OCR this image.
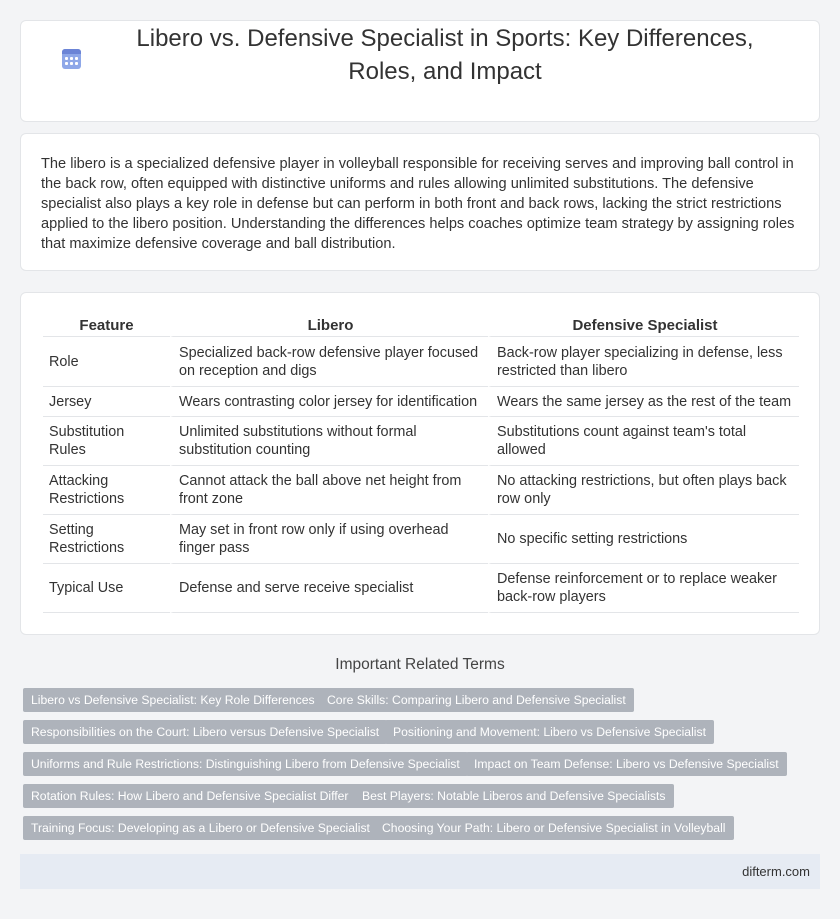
Libero vs. Defensive Specialist in Sports: Key Differences, Roles, and Impact

The libero is a specialized defensive player in volleyball responsible for receiving serves and improving ball control in the back row, often equipped with distinctive uniforms and rules allowing unlimited substitutions. The defensive specialist also plays a key role in defense but can perform in both front and back rows, lacking the strict restrictions applied to the libero position. Understanding the differences helps coaches optimize team strategy by assigning roles that maximize defensive coverage and ball distribution.

Feature	Libero	Defensive Specialist
Role	Specialized back-row defensive player focused on reception and digs	Back-row player specializing in defense, less restricted than libero
Jersey	Wears contrasting color jersey for identification	Wears the same jersey as the rest of the team
Substitution Rules	Unlimited substitutions without formal substitution counting	Substitutions count against team's total allowed
Attacking Restrictions	Cannot attack the ball above net height from front zone	No attacking restrictions, but often plays back row only
Setting Restrictions	May set in front row only if using overhead finger pass	No specific setting restrictions
Typical Use	Defense and serve receive specialist	Defense reinforcement or to replace weaker back-row players
Important Related Terms
Libero vs Defensive Specialist: Key Role Differences	Core Skills: Comparing Libero and Defensive Specialist
Responsibilities on the Court: Libero versus Defensive Specialist	Positioning and Movement: Libero vs Defensive Specialist
Uniforms and Rule Restrictions: Distinguishing Libero from Defensive Specialist	Impact on Team Defense: Libero vs Defensive Specialist
Rotation Rules: How Libero and Defensive Specialist Differ	Best Players: Notable Liberos and Defensive Specialists
Training Focus: Developing as a Libero or Defensive Specialist Choosing Your Path: Libero or Defensive Specialist in Volleyball
difterm.com
